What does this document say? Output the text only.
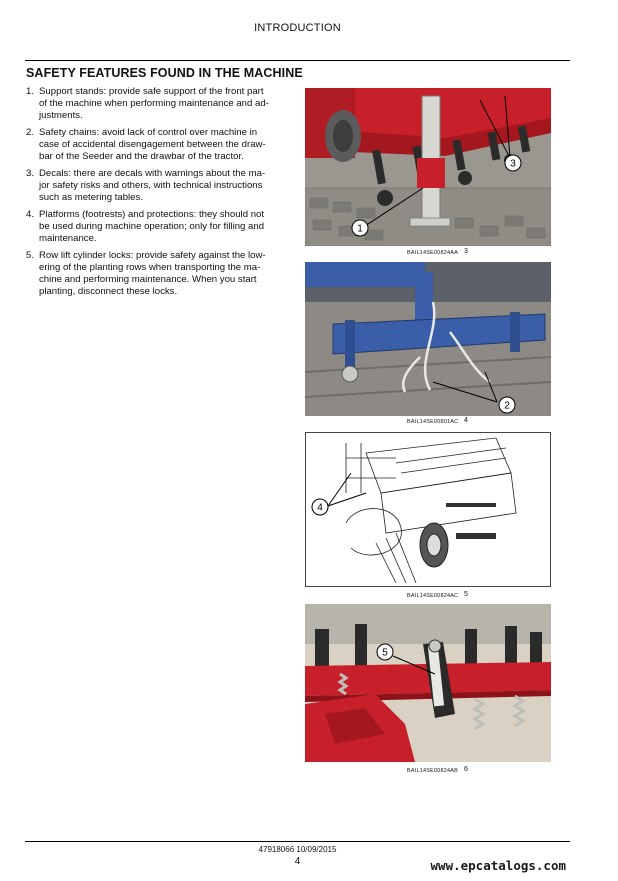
INTRODUCTION
SAFETY FEATURES FOUND IN THE MACHINE
1. Support stands: provide safe support of the front part
of the machine when performing maintenance and ad-
justments.
2. Safety chains: avoid lack of control over machine in
case of accidental disengagement between the draw-
bar of the Seeder and the drawbar of the tractor.
3. Decals: there are decals with warnings about the ma-
jor safety risks and others, with technical instructions
such as metering tables.
4. Platforms (footrests) and protections: they should not
be used during machine operation; only for filling and
maintenance.
5. Row lift cylinder locks: provide safety against the low-
ering of the planting rows when transporting the ma-
chine and performing maintenance. When you start
planting, disconnect these locks.
1
3
BAIL14SE00824AA 3
2
BAIL14SE00801AC 4
4
BAIL14SE00824AC 5
5
BAIL14SE00824AB 6
47918066 10/09/2015
4	www.epcatalogs.com
